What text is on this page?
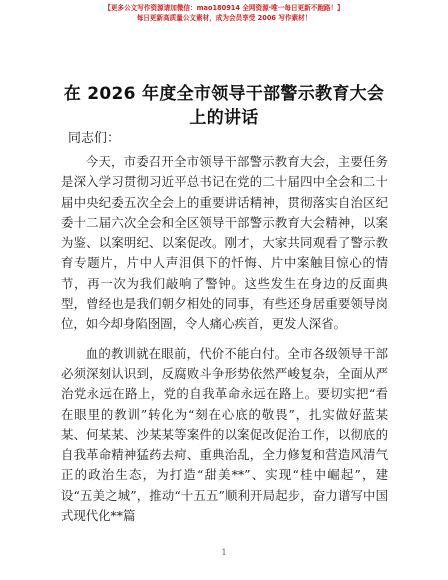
【更多公文写作资源请加微信：mao180914 全网资源·唯一每日更新不跑路！】
每日更新高质量公文素材，成为会员享受 2006 写作素材！
在 2026 年度全市领导干部警示教育大会上的讲话
同志们：

今天，市委召开全市领导干部警示教育大会，主要任务是深入学习贯彻习近平总书记在党的二十届四中全会和二十届中央纪委五次全会上的重要讲话精神，贯彻落实自治区纪委十二届六次全会和全区领导干部警示教育大会精神，以案为鉴、以案明纪、以案促改。刚才，大家共同观看了警示教育专题片，片中人声泪俱下的忏悔、片中案触目惊心的情节，再一次为我们敲响了警钟。这些发生在身边的反面典型，曾经也是我们朝夕相处的同事，有些还身居重要领导岗位，如今却身陷囹圄，令人痛心疾首，更发人深省。

血的教训就在眼前，代价不能白付。全市各级领导干部必须深刻认识到，反腐败斗争形势依然严峻复杂，全面从严治党永远在路上，党的自我革命永远在路上。要切实把“看在眼里的教训”转化为“刻在心底的敬畏”，扎实做好蓝某某、何某某、沙某某等案件的以案促改促治工作，以彻底的自我革命精神猛药去疴、重典治乱，全力修复和营造风清气正的政治生态，为打造“甜美**”、实现“桂中崛起”，建设“五美之城”，推动“十五五”顺利开局起步，奋力谱写中国式现代化**篇

1
